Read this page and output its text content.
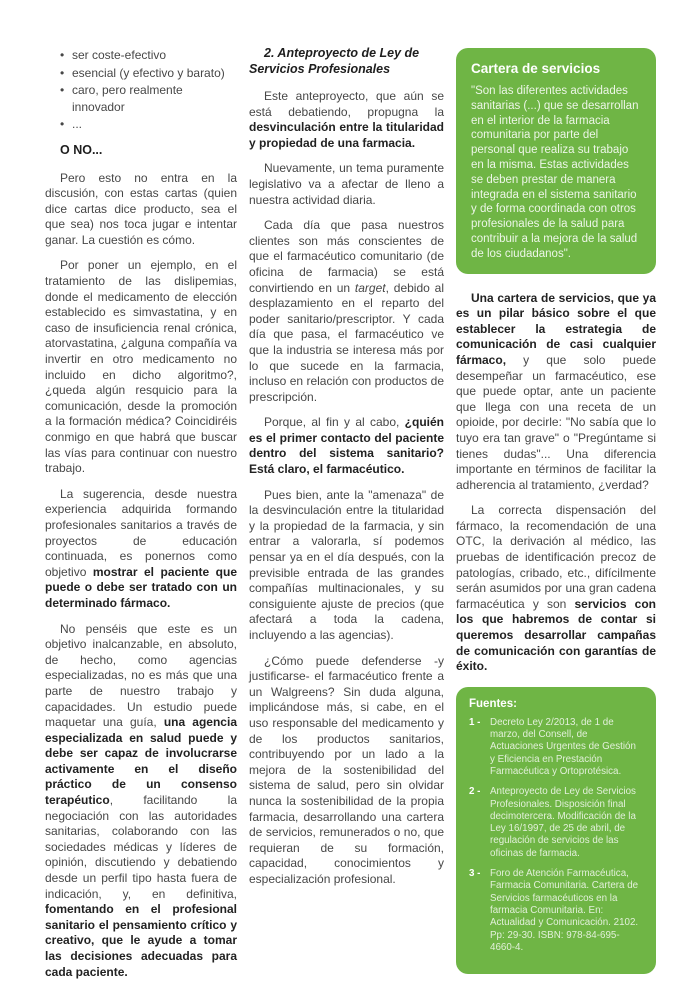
• ser coste-efectivo
• esencial (y efectivo y barato)
• caro, pero realmente innovador
• ...
O NO...

Pero esto no entra en la discusión, con estas cartas (quien dice cartas dice producto, sea el que sea) nos toca jugar e intentar ganar. La cuestión es cómo.

Por poner un ejemplo, en el tratamiento de las dislipemias, donde el medicamento de elección establecido es simvastatina, y en caso de insuficiencia renal crónica, atorvastatina, ¿alguna compañía va invertir en otro medicamento no incluido en dicho algoritmo?, ¿queda algún resquicio para la comunicación, desde la promoción a la formación médica? Coincidiréis conmigo en que habrá que buscar las vías para continuar con nuestro trabajo.

La sugerencia, desde nuestra experiencia adquirida formando profesionales sanitarios a través de proyectos de educación continuada, es ponernos como objetivo mostrar el paciente que puede o debe ser tratado con un determinado fármaco.

No penséis que este es un objetivo inalcanzable, en absoluto, de hecho, como agencias especializadas, no es más que una parte de nuestro trabajo y capacidades. Un estudio puede maquetar una guía, una agencia especializada en salud puede y debe ser capaz de involucrarse activamente en el diseño práctico de un consenso terapéutico, facilitando la negociación con las autoridades sanitarias, colaborando con las sociedades médicas y líderes de opinión, discutiendo y debatiendo desde un perfil tipo hasta fuera de indicación, y, en definitiva, fomentando en el profesional sanitario el pensamiento crítico y creativo, que le ayude a tomar las decisiones adecuadas para cada paciente.

2. Anteproyecto de Ley de Servicios Profesionales

Este anteproyecto, que aún se está debatiendo, propugna la desvinculación entre la titularidad y propiedad de una farmacia.

Nuevamente, un tema puramente legislativo va a afectar de lleno a nuestra actividad diaria.

Cada día que pasa nuestros clientes son más conscientes de que el farmacéutico comunitario (de oficina de farmacia) se está convirtiendo en un target, debido al desplazamiento en el reparto del poder sanitario/prescriptor. Y cada día que pasa, el farmacéutico ve que la industria se interesa más por lo que sucede en la farmacia, incluso en relación con productos de prescripción.

Porque, al fin y al cabo, ¿quién es el primer contacto del paciente dentro del sistema sanitario? Está claro, el farmacéutico.

Pues bien, ante la "amenaza" de la desvinculación entre la titularidad y la propiedad de la farmacia, y sin entrar a valorarla, sí podemos pensar ya en el día después, con la previsible entrada de las grandes compañías multinacionales, y su consiguiente ajuste de precios (que afectará a toda la cadena, incluyendo a las agencias).

¿Cómo puede defenderse -y justificarse- el farmacéutico frente a un Walgreens? Sin duda alguna, implicándose más, si cabe, en el uso responsable del medicamento y de los productos sanitarios, contribuyendo por un lado a la mejora de la sostenibilidad del sistema de salud, pero sin olvidar nunca la sostenibilidad de la propia farmacia, desarrollando una cartera de servicios, remunerados o no, que requieran de su formación, capacidad, conocimientos y especialización profesional.

Cartera de servicios
"Son las diferentes actividades sanitarias (...) que se desarrollan en el interior de la farmacia comunitaria por parte del personal que realiza su trabajo en la misma. Estas actividades se deben prestar de manera integrada en el sistema sanitario y de forma coordinada con otros profesionales de la salud para contribuir a la mejora de la salud de los ciudadanos".

Una cartera de servicios, que ya es un pilar básico sobre el que establecer la estrategia de comunicación de casi cualquier fármaco, y que solo puede desempeñar un farmacéutico, ese que puede optar, ante un paciente que llega con una receta de un opioide, por decirle: "No sabía que lo tuyo era tan grave" o "Pregúntame si tienes dudas"... Una diferencia importante en términos de facilitar la adherencia al tratamiento, ¿verdad?

La correcta dispensación del fármaco, la recomendación de una OTC, la derivación al médico, las pruebas de identificación precoz de patologías, cribado, etc., difícilmente serán asumidos por una gran cadena farmacéutica y son servicios con los que habremos de contar si queremos desarrollar campañas de comunicación con garantías de éxito.

Fuentes:
1 - Decreto Ley 2/2013, de 1 de marzo, del Consell, de Actuaciones Urgentes de Gestión y Eficiencia en Prestación Farmacéutica y Ortoprotésica.
2 - Anteproyecto de Ley de Servicios Profesionales. Disposición final decimotercera. Modificación de la Ley 16/1997, de 25 de abril, de regulación de servicios de las oficinas de farmacia.
3 - Foro de Atención Farmacéutica, Farmacia Comunitaria. Cartera de Servicios farmacéuticos en la farmacia Comunitaria. En: Actualidad y Comunicación. 2102. Pp: 29-30. ISBN: 978-84-695-4660-4.
